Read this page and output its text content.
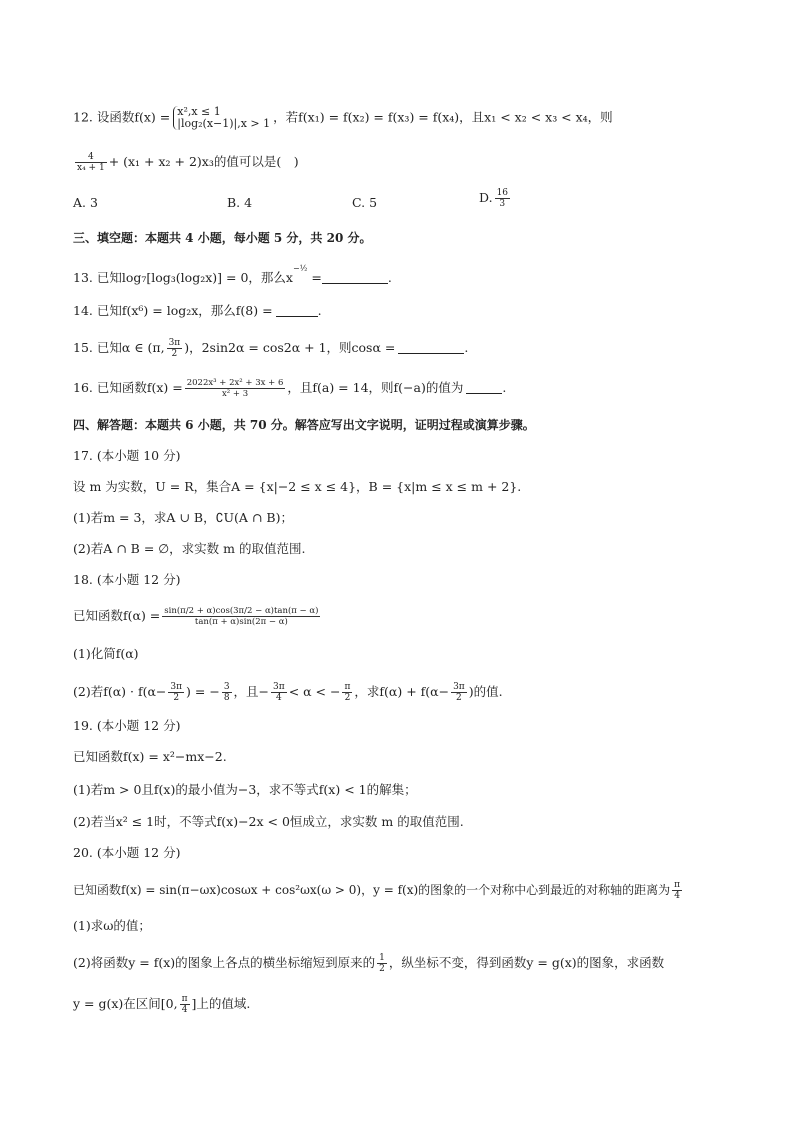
12. 设函数f(x) = x²,x ≤ 1
|log₂(x−1)|,x > 1 ，若f(x₁) = f(x₂) = f(x₃) = f(x₄)，且x₁ < x₂ < x₃ < x₄，则
$\frac{4}{\text{x₄ + 1}} + (x_1 + x_2 + 2)x_3$的值可以是(　)
A. 3	B. 4	C. 5	D. $\frac{16}{3}$
三、填空题：本题共 4 小题，每小题 5 分，共 20 分。
13. 已知log₇[log₃(log₂x)] = 0，那么$x^{-\frac{1}{2}}$ =	.
14. 已知f(x⁶) = log₂x，那么f(8) =	.
15. 已知α ∈ (π, $\frac{3\pi}{2}$ )，2sin2α = cos2α + 1，则cosα =	.
16. 已知函数$f(x) = \frac{\text{2022x³ + 2x² + 3x + 6}}{\text{x² + 3}}$ ，且f(a) = 14，则f(−a)的值为	.
四、解答题：本题共 6 小题，共 70 分。解答应写出文字说明，证明过程或演算步骤。
17. (本小题 10 分)
设 m 为实数，U = R，集合A = {x|−2 ≤ x ≤ 4}，B = {x|m ≤ x ≤ m + 2}.
(1)若m = 3，求A ∪ B，∁U(A ∩ B)；
(2)若A ∩ B = ∅，求实数 m 的取值范围.
18. (本小题 12 分)
已知函数$f(\alpha) = \frac{\sin(\pi/2 + \alpha)\cos(3\pi/2 - \alpha)\tan(\pi - \alpha)}{\tan(\pi + \alpha)\sin(2\pi - \alpha)}$
(1)化简f(α)
(2)若$f(\alpha) \cdot f(\alpha- \frac{3\pi}{2}$ ) = − $\frac{3}{8}$ ，且− $\frac{3\pi}{4} < \alpha$ < − $\frac{\pi}{2}$ ，求$f(\alpha) + f(\alpha- \frac{3\pi}{2}$ )的值.
19. (本小题 12 分)
已知函数f(x) = x²−mx−2.
(1)若m > 0且f(x)的最小值为−3，求不等式f(x) < 1的解集；
(2)若当x² ≤ 1时，不等式f(x)−2x < 0恒成立，求实数 m 的取值范围.
20. (本小题 12 分)
已知函数f(x) = sin(π−ωx)cosωx + cos²ωx(ω > 0)，y = f(x)的图象的一个对称中心到最近的对称轴的距离为 $\frac{\pi}{4}$
(1)求ω的值；
(2)将函数y = f(x)的图象上各点的横坐标缩短到原来的 $\frac{1}{2}$ ，纵坐标不变，得到函数y = g(x)的图象，求函数
y = g(x)在区间[0, $\frac{\pi}{4}$ ]上的值域.
